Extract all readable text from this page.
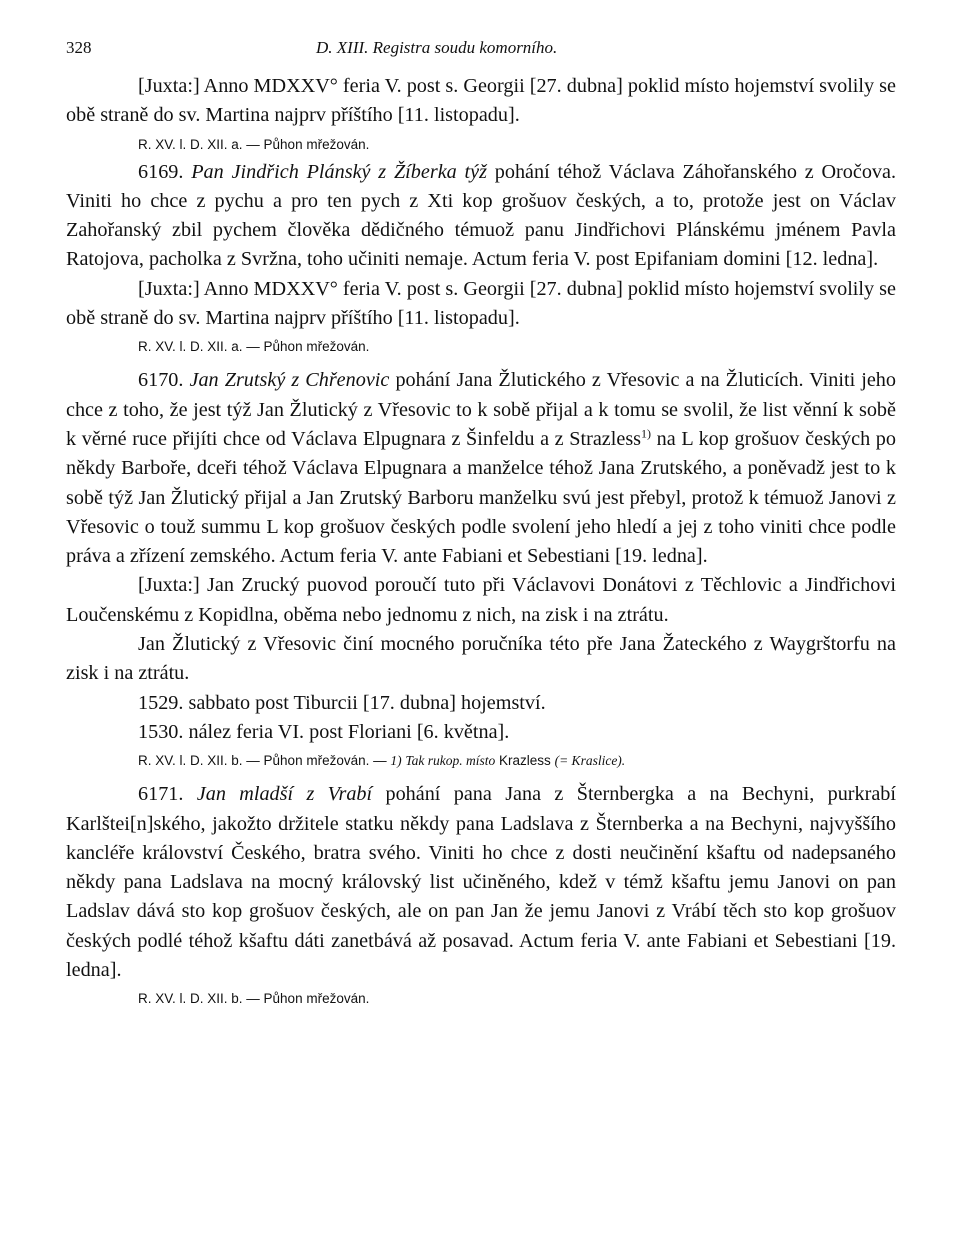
328	D. XIII. Registra soudu komorního.

[Juxta:] Anno MDXXV° feria V. post s. Georgii [27. dubna] poklid místo hojemství svolily se obě straně do sv. Martina najprv příštího [11. listopadu].

R. XV. l. D. XII. a. — Půhon mřežován.

6169. Pan Jindřich Plánský z Žíberka týž pohání téhož Václava Záhořanského z Oročova. Viniti ho chce z pychu a pro ten pych z Xti kop grošuov českých, a to, protože jest on Václav Zahořanský zbil pychem člověka dědičného témuož panu Jindřichovi Plánskému jménem Pavla Ratojova, pacholka z Svržna, toho učiniti nemaje. Actum feria V. post Epifaniam domini [12. ledna].

[Juxta:] Anno MDXXV° feria V. post s. Georgii [27. dubna] poklid místo hojemství svolily se obě straně do sv. Martina najprv příštího [11. listopadu].

R. XV. l. D. XII. a. — Půhon mřežován.

6170. Jan Zrutský z Chřenovic pohání Jana Žlutického z Vřesovic a na Žluticích. Viniti jeho chce z toho, že jest týž Jan Žlutický z Vřesovic to k sobě přijal a k tomu se svolil, že list věnní k sobě k věrné ruce přijíti chce od Václava Elpugnara z Šinfeldu a z Strazless$^{1)}$ na L kop grošuov českých po někdy Barboře, dceři téhož Václava Elpugnara a manželce téhož Jana Zrutského, a poněvadž jest to k sobě týž Jan Žlutický přijal a Jan Zrutský Barboru manželku svú jest přebyl, protož k témuož Janovi z Vřesovic o touž summu L kop grošuov českých podle svolení jeho hledí a jej z toho viniti chce podle práva a zřízení zemského. Actum feria V. ante Fabiani et Sebestiani [19. ledna].

[Juxta:] Jan Zrucký puovod poroučí tuto při Václavovi Donátovi z Těchlovic a Jindřichovi Loučenskému z Kopidlna, oběma nebo jednomu z nich, na zisk i na ztrátu.

Jan Žlutický z Vřesovic činí mocného poručníka této pře Jana Žateckého z Waygrštorfu na zisk i na ztrátu.

1529. sabbato post Tiburcii [17. dubna] hojemství.

1530. nález feria VI. post Floriani [6. května].

R. XV. l. D. XII. b. — Půhon mřežován. — 1) Tak rukop. místo Krazless (= Kraslice).

6171. Jan mladší z Vrabí pohání pana Jana z Šternbergka a na Bechyni, purkrabí Karlštei[n]ského, jakožto držitele statku někdy pana Ladslava z Šternberka a na Bechyni, najvyššího kancléře království Českého, bratra svého. Viniti ho chce z dosti neučinění kšaftu od nadepsaného někdy pana Ladslava na mocný královský list učiněného, kdež v témž kšaftu jemu Janovi on pan Ladslav dává sto kop grošuov českých, ale on pan Jan že jemu Janovi z Vrábí těch sto kop grošuov českých podlé téhož kšaftu dáti zanetbává až posavad. Actum feria V. ante Fabiani et Sebestiani [19. ledna].

R. XV. l. D. XII. b. — Půhon mřežován.
